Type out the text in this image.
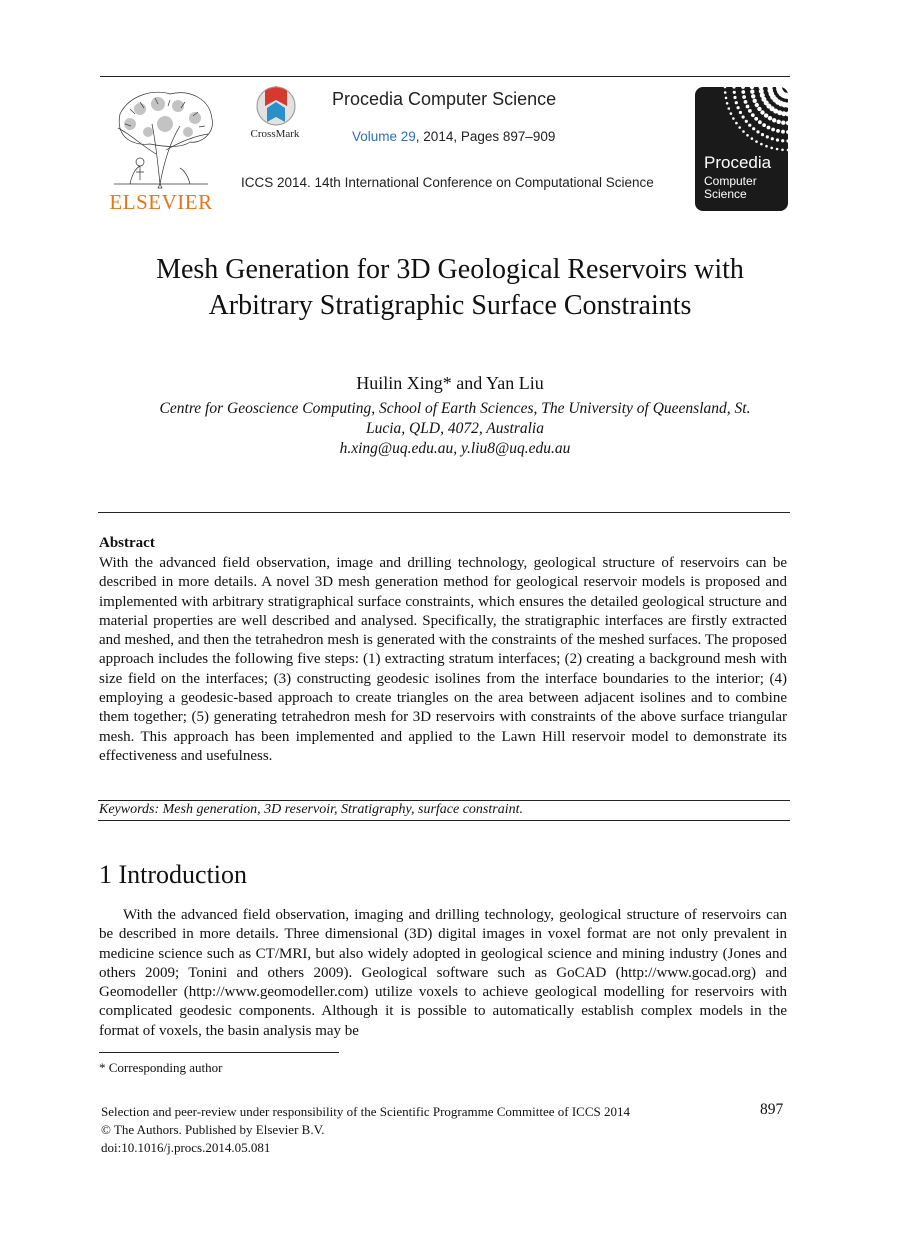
ELSEVIER
CrossMark
Procedia Computer Science
Volume 29, 2014, Pages 897–909
ICCS 2014. 14th International Conference on Computational Science
Procedia
Computer
Science
Mesh Generation for 3D Geological Reservoirs with
Arbitrary Stratigraphic Surface Constraints
Huilin Xing* and Yan Liu
Centre for Geoscience Computing, School of Earth Sciences, The University of Queensland, St.
Lucia, QLD, 4072, Australia
h.xing@uq.edu.au, y.liu8@uq.edu.au
Abstract
With the advanced field observation, image and drilling technology, geological structure of reservoirs can be described in more details. A novel 3D mesh generation method for geological reservoir models is proposed and implemented with arbitrary stratigraphical surface constraints, which ensures the detailed geological structure and material properties are well described and analysed. Specifically, the stratigraphic interfaces are firstly extracted and meshed, and then the tetrahedron mesh is generated with the constraints of the meshed surfaces. The proposed approach includes the following five steps: (1) extracting stratum interfaces; (2) creating a background mesh with size field on the interfaces; (3) constructing geodesic isolines from the interface boundaries to the interior; (4) employing a geodesic-based approach to create triangles on the area between adjacent isolines and to combine them together; (5) generating tetrahedron mesh for 3D reservoirs with constraints of the above surface triangular mesh. This approach has been implemented and applied to the Lawn Hill reservoir model to demonstrate its effectiveness and usefulness.
Keywords: Mesh generation, 3D reservoir, Stratigraphy, surface constraint.
1 Introduction
With the advanced field observation, imaging and drilling technology, geological structure of reservoirs can be described in more details. Three dimensional (3D) digital images in voxel format are not only prevalent in medicine science such as CT/MRI, but also widely adopted in geological science and mining industry (Jones and others 2009; Tonini and others 2009). Geological software such as GoCAD (http://www.gocad.org) and Geomodeller (http://www.geomodeller.com) utilize voxels to achieve geological modelling for reservoirs with complicated geodesic components. Although it is possible to automatically establish complex models in the format of voxels, the basin analysis may be
* Corresponding author
Selection and peer-review under responsibility of the Scientific Programme Committee of ICCS 2014
© The Authors. Published by Elsevier B.V.
doi:10.1016/j.procs.2014.05.081
897
